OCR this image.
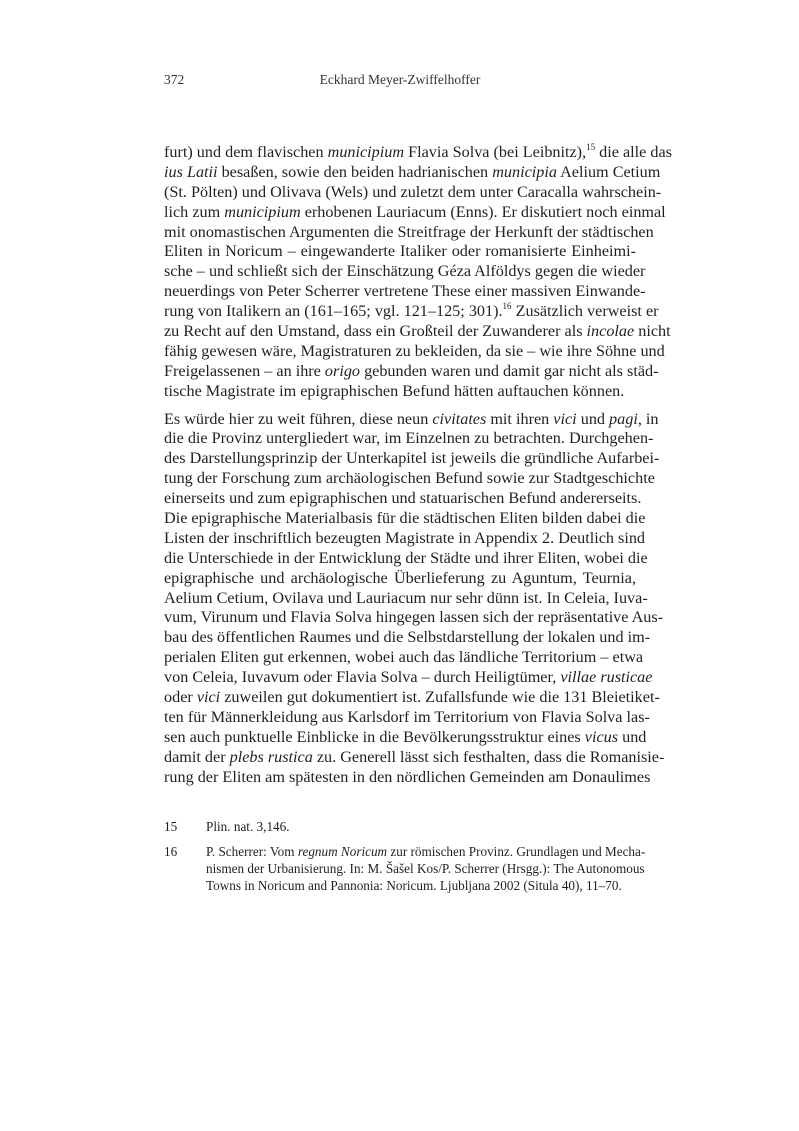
372	Eckhard Meyer-Zwiffelhoffer

furt) und dem flavischen municipium Flavia Solva (bei Leibnitz),$^{15}$ die alle das
ius Latii besaßen, sowie den beiden hadrianischen municipia Aelium Cetium
(St. Pölten) und Olivava (Wels) und zuletzt dem unter Caracalla wahrschein-
lich zum municipium erhobenen Lauriacum (Enns). Er diskutiert noch einmal
mit onomastischen Argumenten die Streitfrage der Herkunft der städtischen
Eliten in Noricum – eingewanderte Italiker oder romanisierte Einheimi-
sche – und schließt sich der Einschätzung Géza Alföldys gegen die wieder
neuerdings von Peter Scherrer vertretene These einer massiven Einwande-
rung von Italikern an (161–165; vgl. 121–125; 301).$^{16}$ Zusätzlich verweist er
zu Recht auf den Umstand, dass ein Großteil der Zuwanderer als incolae nicht
fähig gewesen wäre, Magistraturen zu bekleiden, da sie – wie ihre Söhne und
Freigelassenen – an ihre origo gebunden waren und damit gar nicht als städ-
tische Magistrate im epigraphischen Befund hätten auftauchen können.

Es würde hier zu weit führen, diese neun civitates mit ihren vici und pagi, in
die die Provinz untergliedert war, im Einzelnen zu betrachten. Durchgehen-
des Darstellungsprinzip der Unterkapitel ist jeweils die gründliche Aufarbei-
tung der Forschung zum archäologischen Befund sowie zur Stadtgeschichte
einerseits und zum epigraphischen und statuarischen Befund andererseits.
Die epigraphische Materialbasis für die städtischen Eliten bilden dabei die
Listen der inschriftlich bezeugten Magistrate in Appendix 2. Deutlich sind
die Unterschiede in der Entwicklung der Städte und ihrer Eliten, wobei die
epigraphische und archäologische Überlieferung zu Aguntum, Teurnia,
Aelium Cetium, Ovilava und Lauriacum nur sehr dünn ist. In Celeia, Iuva-
vum, Virunum und Flavia Solva hingegen lassen sich der repräsentative Aus-
bau des öffentlichen Raumes und die Selbstdarstellung der lokalen und im-
perialen Eliten gut erkennen, wobei auch das ländliche Territorium – etwa
von Celeia, Iuvavum oder Flavia Solva – durch Heiligtümer, villae rusticae
oder vici zuweilen gut dokumentiert ist. Zufallsfunde wie die 131 Bleietiket-
ten für Männerkleidung aus Karlsdorf im Territorium von Flavia Solva las-
sen auch punktuelle Einblicke in die Bevölkerungsstruktur eines vicus und
damit der plebs rustica zu. Generell lässt sich festhalten, dass die Romanisie-
rung der Eliten am spätesten in den nördlichen Gemeinden am Donaulimes

15 Plin. nat. 3,146.
16 P. Scherrer: Vom regnum Noricum zur römischen Provinz. Grundlagen und Mecha-
nismen der Urbanisierung. In: M. Šašel Kos/P. Scherrer (Hrsgg.): The Autonomous
Towns in Noricum and Pannonia: Noricum. Ljubljana 2002 (Situla 40), 11–70.
